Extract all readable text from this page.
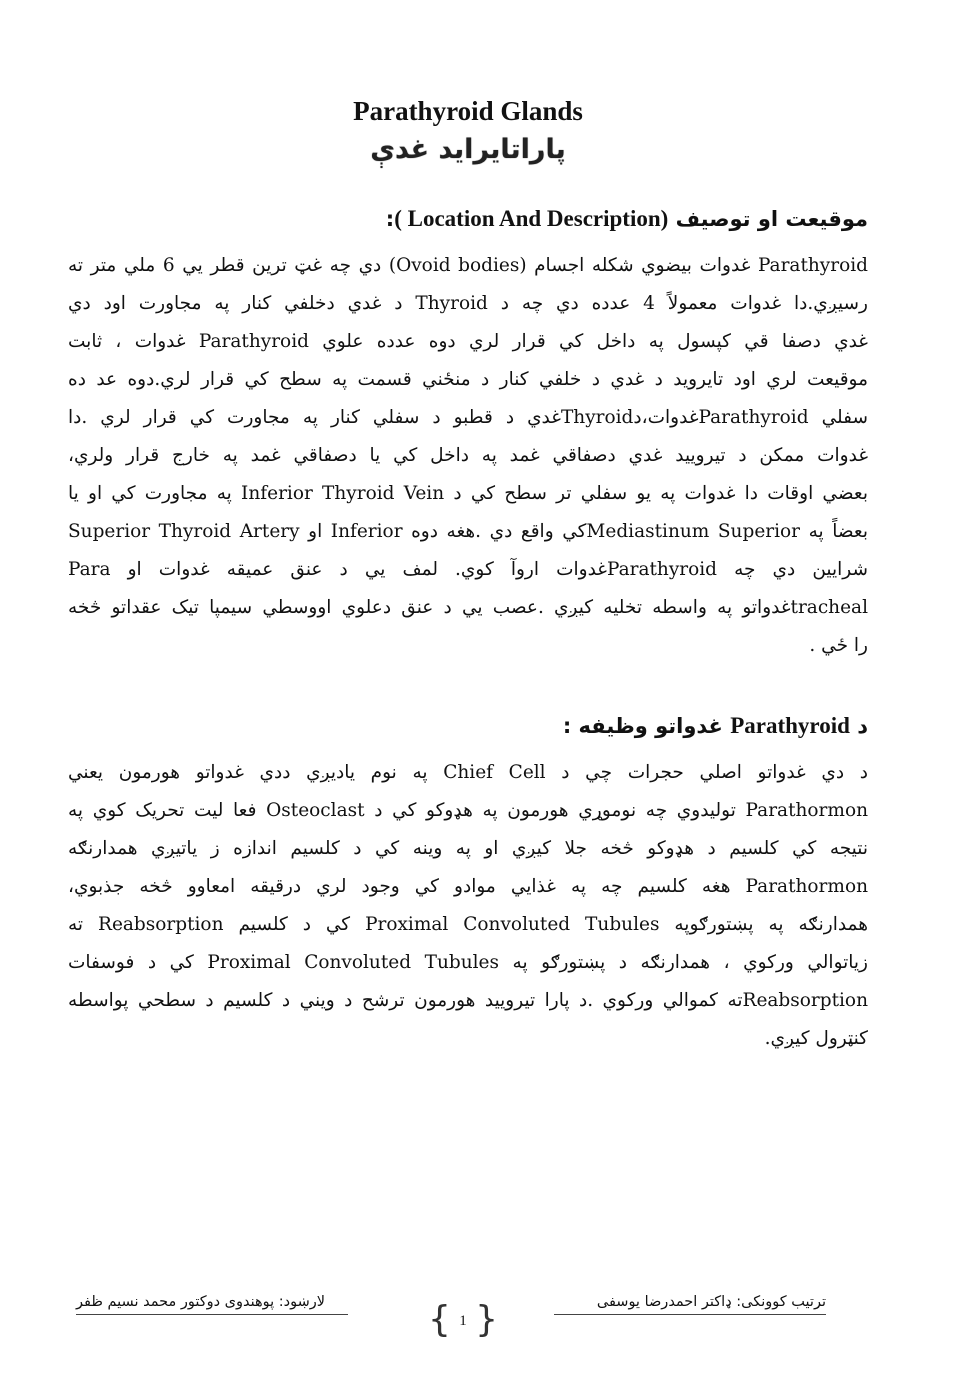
Parathyroid Glands
پاراتايرايد غدې
موقيعت او توصيف (Location And Description ):
Parathyroid غدوات بيضوي شكله اجسام (Ovoid bodies) دي چه غټ ترين قطر يي 6 ملي متر ته
رسيږي.دا غدوات معمولاً 4 عدده دي چه د Thyroid د غدي دخلفي كنار په مجاورت اود دي
غدي دصفا قي كپسول په داخل كي قرار لري دوه عدده علوي Parathyroid غدوات ، ثابت
موقيعت لري اود تايرويد د غدي د خلفي كنار د منځني قسمت په سطح كي قرار لري.دوه عد ده
سفلي Parathyroidغدوات،دThyroidغدي د قطبو د سفلي كنار په مجاورت كي قرار لري .دا
غدوات ممكن د تيروييد غدي دصفاقي غمد په داخل كي يا دصفاقي غمد په خارج قرار ولري،
بعضي اوقات دا غدوات په يو سفلي تر سطح كي د Inferior Thyroid Vein په مجاورت كي او يا
بعضاً په Mediastinum Superiorكي واقع دي .هغه دوه Inferior او Superior Thyroid Artery
شرايين دي چه Parathyroidغدوات اروآ كوي. لمف يي د عنق عميقه غدوات او Para
trachealغدواتو په واسطه تخليه كيږي .عصب يي د عنق دعلوي اووسطي سيمپا تيک عقداتو څخه
را ځي .
د Parathyroid غدواتو وظيفه :
د دي غدواتو اصلي حجرات چي د Chief Cell په نوم ياديږي ددي غدواتو هورمون يعني
Parathormon توليدوي چه نوموړي هورمون په هډوكو كي د Osteoclast فعا ليت تحريک كوي په
نتيجه كي كلسيم د هډوكو څخه جلا كيږي او په وينه كي د كلسيم اندازه ز ياتيږي همدارنګه
Parathormon هغه كلسيم چه په غذايي موادو كي وجود لري درقيقه امعاوو څخه جذبوي،
همدارنګه په پښتورګوپه Proximal Convoluted Tubules كي د كلسيم Reabsorption ته
زياتوالي وركوي ، همدارنګه د پښتورګو په Proximal Convoluted Tubules كي د فوسفات
Reabsorptionته كموالي وركوي .د پارا تيروييد هورمون ترشح د ويني د كلسيم د سطحي پواسطه
كنټرول كيږي.
لارښود: پوهندوی دوکتور محمد نسیم ظفر
{ 1 }
ترتيب كوونكى: ډاكتر احمدرضا يوسفى
